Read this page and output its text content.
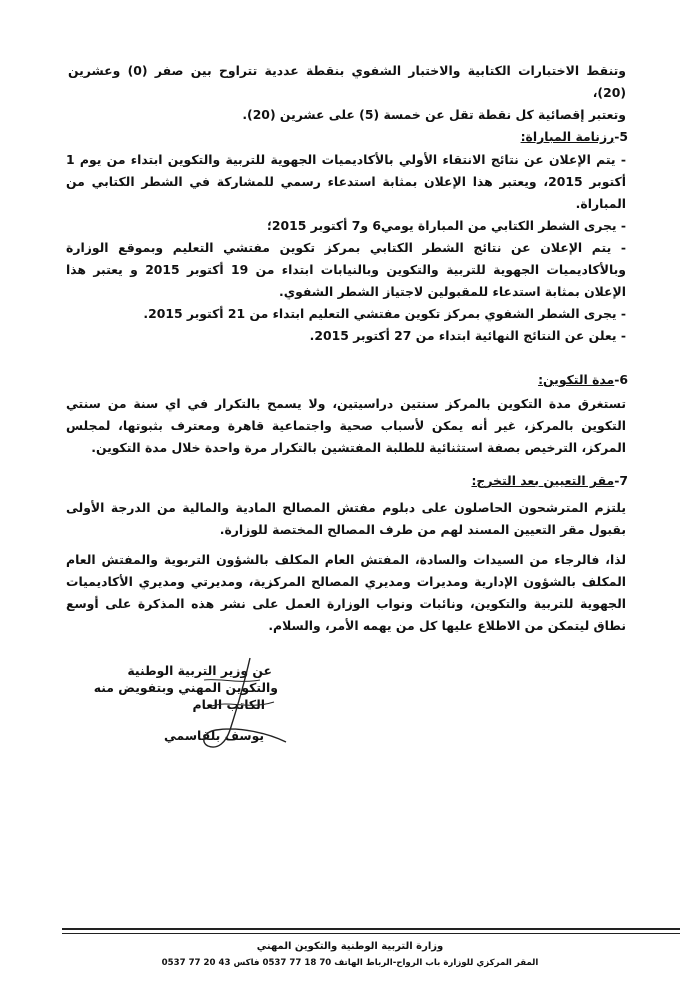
وتنقط الاختبارات الكتابية والاختبار الشفوي بنقطة عددية تتراوح بين صفر (0) وعشرين (20)،
وتعتبر إقصائية كل نقطة تقل عن خمسة (5) على عشرين (20).
5-رزنامة المباراة:
- يتم الإعلان عن نتائج الانتقاء الأولي بالأكاديميات الجهوية للتربية والتكوين ابتداء من يوم 1 أكتوبر 2015، ويعتبر هذا الإعلان بمثابة استدعاء رسمي للمشاركة في الشطر الكتابي من المباراة.
- يجرى الشطر الكتابي من المباراة يومي6 و7 أكتوبر 2015؛
- يتم الإعلان عن نتائج الشطر الكتابي بمركز تكوين مفتشي التعليم وبموقع الوزارة وبالأكاديميات الجهوية للتربية والتكوين وبالنيابات ابتداء من 19 أكتوبر 2015 و يعتبر هذا الإعلان بمثابة استدعاء للمقبولين لاجتياز الشطر الشفوي.
- يجرى الشطر الشفوي بمركز تكوين مفتشي التعليم ابتداء من 21 أكتوبر 2015.
- يعلن عن النتائج النهائية ابتداء من 27 أكتوبر 2015.
6-مدة التكوين:
تستغرق مدة التكوين بالمركز سنتين دراسيتين، ولا يسمح بالتكرار في اي سنة من سنتي التكوين بالمركز، غير أنه يمكن لأسباب صحية واجتماعية قاهرة ومعترف بثبوتها، لمجلس المركز، الترخيص بصفة استثنائية للطلبة المفتشين بالتكرار مرة واحدة خلال مدة التكوين.
7-مقر التعيين بعد التخرج:
يلتزم المترشحون الحاصلون على دبلوم مفتش المصالح المادية والمالية من الدرجة الأولى بقبول مقر التعيين المسند لهم من طرف المصالح المختصة للوزارة.
لذا، فالرجاء من السيدات والسادة، المفتش العام المكلف بالشؤون التربوية والمفتش العام المكلف بالشؤون الإدارية ومديرات ومديري المصالح المركزية، ومديرتي ومديري الأكاديميات الجهوية للتربية والتكوين، ونائبات ونواب الوزارة العمل على نشر هذه المذكرة على أوسع نطاق ليتمكن من الاطلاع عليها كل من يهمه الأمر، والسلام.
عن وزير التربية الوطنية
والتكوين المهني وبتفويض منه
الكاتب العام
يوسف بلقاسمي
وزارة التربية الوطنية والتكوين المهني
المقر المركزي للوزارة باب الرواح-الرباط الهاتف 70 18 77 0537 فاكس 43 20 77 0537
